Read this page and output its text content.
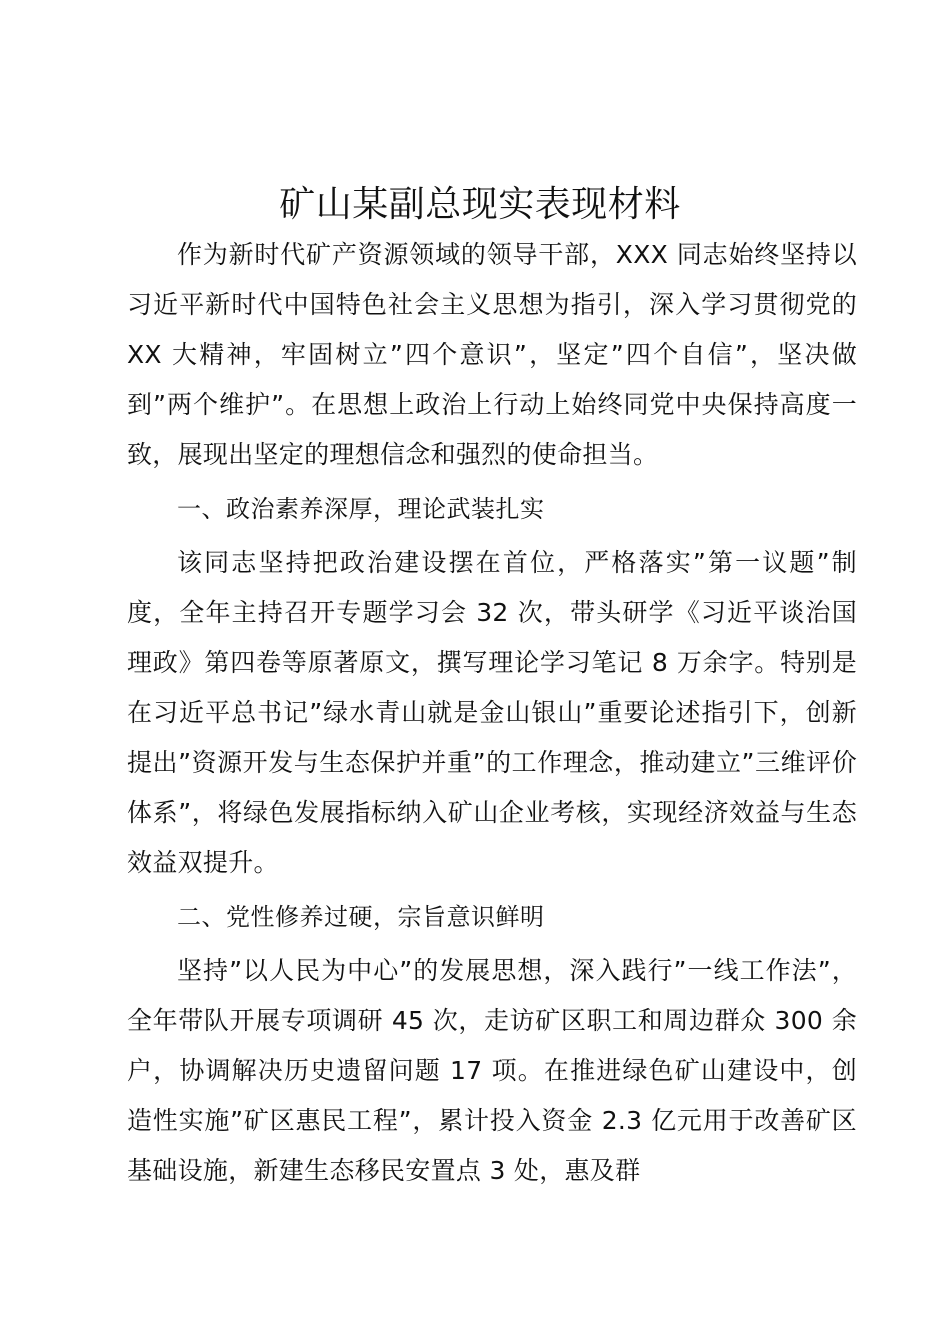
矿山某副总现实表现材料

作为新时代矿产资源领域的领导干部，XXX 同志始终坚持以习近平新时代中国特色社会主义思想为指引，深入学习贯彻党的 XX 大精神，牢固树立”四个意识”，坚定”四个自信”，坚决做到”两个维护”。在思想上政治上行动上始终同党中央保持高度一致，展现出坚定的理想信念和强烈的使命担当。

一、政治素养深厚，理论武装扎实

该同志坚持把政治建设摆在首位，严格落实”第一议题”制度，全年主持召开专题学习会 32 次，带头研学《习近平谈治国理政》第四卷等原著原文，撰写理论学习笔记 8 万余字。特别是在习近平总书记”绿水青山就是金山银山”重要论述指引下，创新提出”资源开发与生态保护并重”的工作理念，推动建立”三维评价体系”，将绿色发展指标纳入矿山企业考核，实现经济效益与生态效益双提升。

二、党性修养过硬，宗旨意识鲜明

坚持”以人民为中心”的发展思想，深入践行”一线工作法”，全年带队开展专项调研 45 次，走访矿区职工和周边群众 300 余户，协调解决历史遗留问题 17 项。在推进绿色矿山建设中，创造性实施”矿区惠民工程”，累计投入资金 2.3 亿元用于改善矿区基础设施，新建生态移民安置点 3 处，惠及群
